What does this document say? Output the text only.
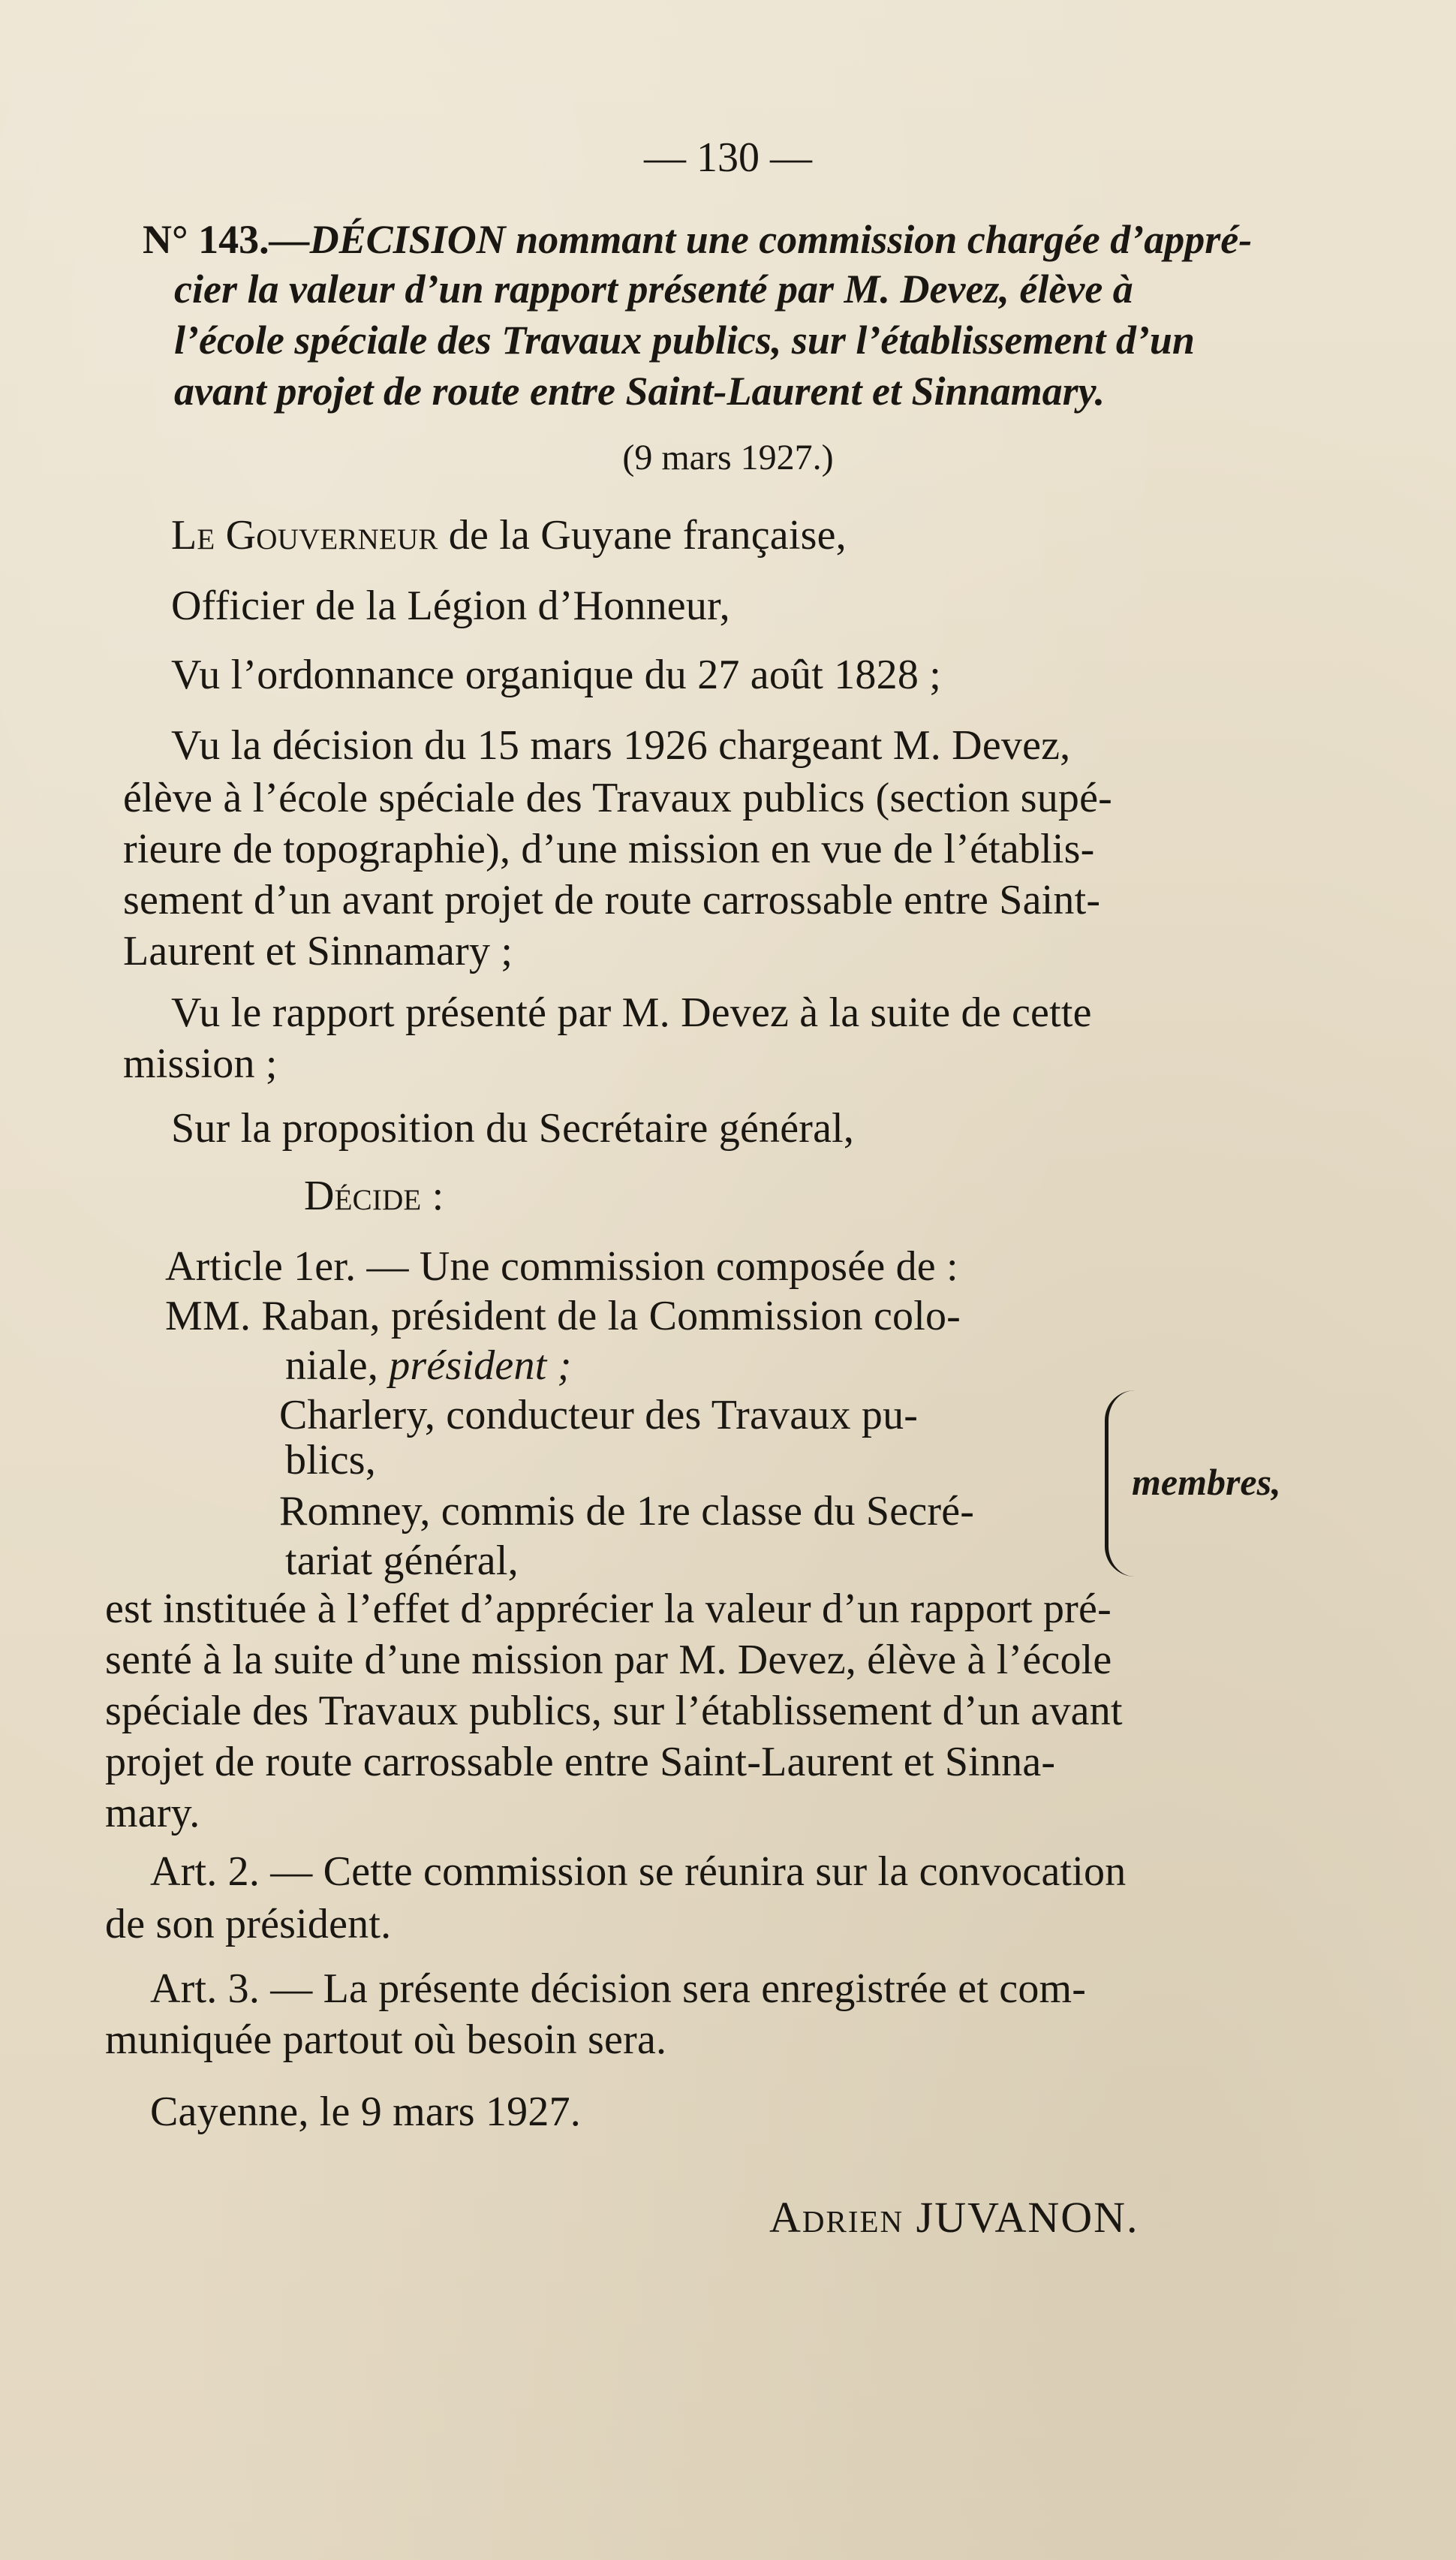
— 130 —
N° 143.—DÉCISION nommant une commission chargée d’appré-
cier la valeur d’un rapport présenté par M. Devez, élève à
l’école spéciale des Travaux publics, sur l’établissement d’un
avant projet de route entre Saint-Laurent et Sinnamary.
(9 mars 1927.)
Le Gouverneur de la Guyane française,
Officier de la Légion d’Honneur,
Vu l’ordonnance organique du 27 août 1828 ;
Vu la décision du 15 mars 1926 chargeant M. Devez,
élève à l’école spéciale des Travaux publics (section supé-
rieure de topographie), d’une mission en vue de l’établis-
sement d’un avant projet de route carrossable entre Saint-
Laurent et Sinnamary ;
Vu le rapport présenté par M. Devez à la suite de cette
mission ;
Sur la proposition du Secrétaire général,
Décide :
Article 1er. — Une commission composée de :
MM. Raban, président de la Commission colo-
niale, président ;
Charlery, conducteur des Travaux pu-
blics,
Romney, commis de 1re classe du Secré-
tariat général,
membres,
est instituée à l’effet d’apprécier la valeur d’un rapport pré-
senté à la suite d’une mission par M. Devez, élève à l’école
spéciale des Travaux publics, sur l’établissement d’un avant
projet de route carrossable entre Saint-Laurent et Sinna-
mary.
Art. 2. — Cette commission se réunira sur la convocation
de son président.
Art. 3. — La présente décision sera enregistrée et com-
muniquée partout où besoin sera.
Cayenne, le 9 mars 1927.
Adrien JUVANON.
